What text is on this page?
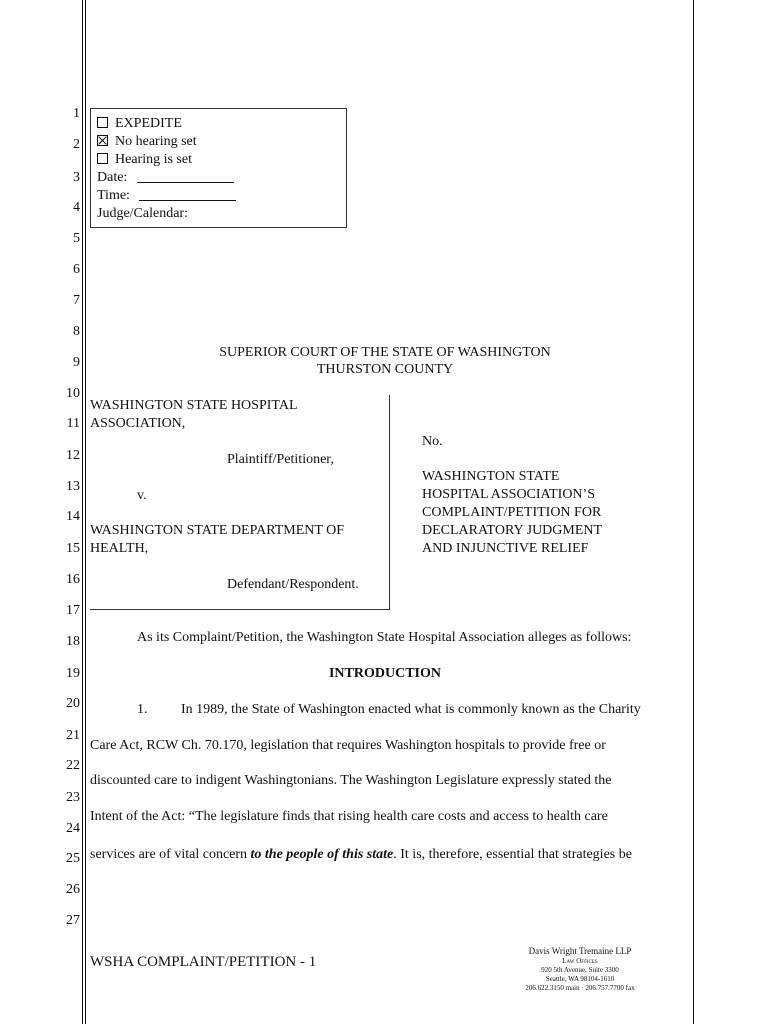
1
2
3
4
5
6
7
8
9
10
11
12
13
14
15
16
17
18
19
20
21
22
23
24
25
26
27
EXPEDITE
No hearing set
Hearing is set
Date:
Time:
Judge/Calendar:
SUPERIOR COURT OF THE STATE OF WASHINGTON
THURSTON COUNTY
WASHINGTON STATE HOSPITAL
ASSOCIATION,
Plaintiff/Petitioner,
v.
WASHINGTON STATE DEPARTMENT OF
HEALTH,
Defendant/Respondent.
No.
WASHINGTON STATE
HOSPITAL ASSOCIATION’S
COMPLAINT/PETITION FOR
DECLARATORY JUDGMENT
AND INJUNCTIVE RELIEF
As its Complaint/Petition, the Washington State Hospital Association alleges as follows:
INTRODUCTION
1. In 1989, the State of Washington enacted what is commonly known as the Charity
Care Act, RCW Ch. 70.170, legislation that requires Washington hospitals to provide free or
discounted care to indigent Washingtonians. The Washington Legislature expressly stated the
Intent of the Act: “The legislature finds that rising health care costs and access to health care
services are of vital concern to the people of this state. It is, therefore, essential that strategies be
WSHA COMPLAINT/PETITION - 1
Davis Wright Tremaine LLP
Law Offices
920 5th Avenue, Suite 3300
Seattle, WA 98104-1610
206.622.3150 main · 206.757.7700 fax
